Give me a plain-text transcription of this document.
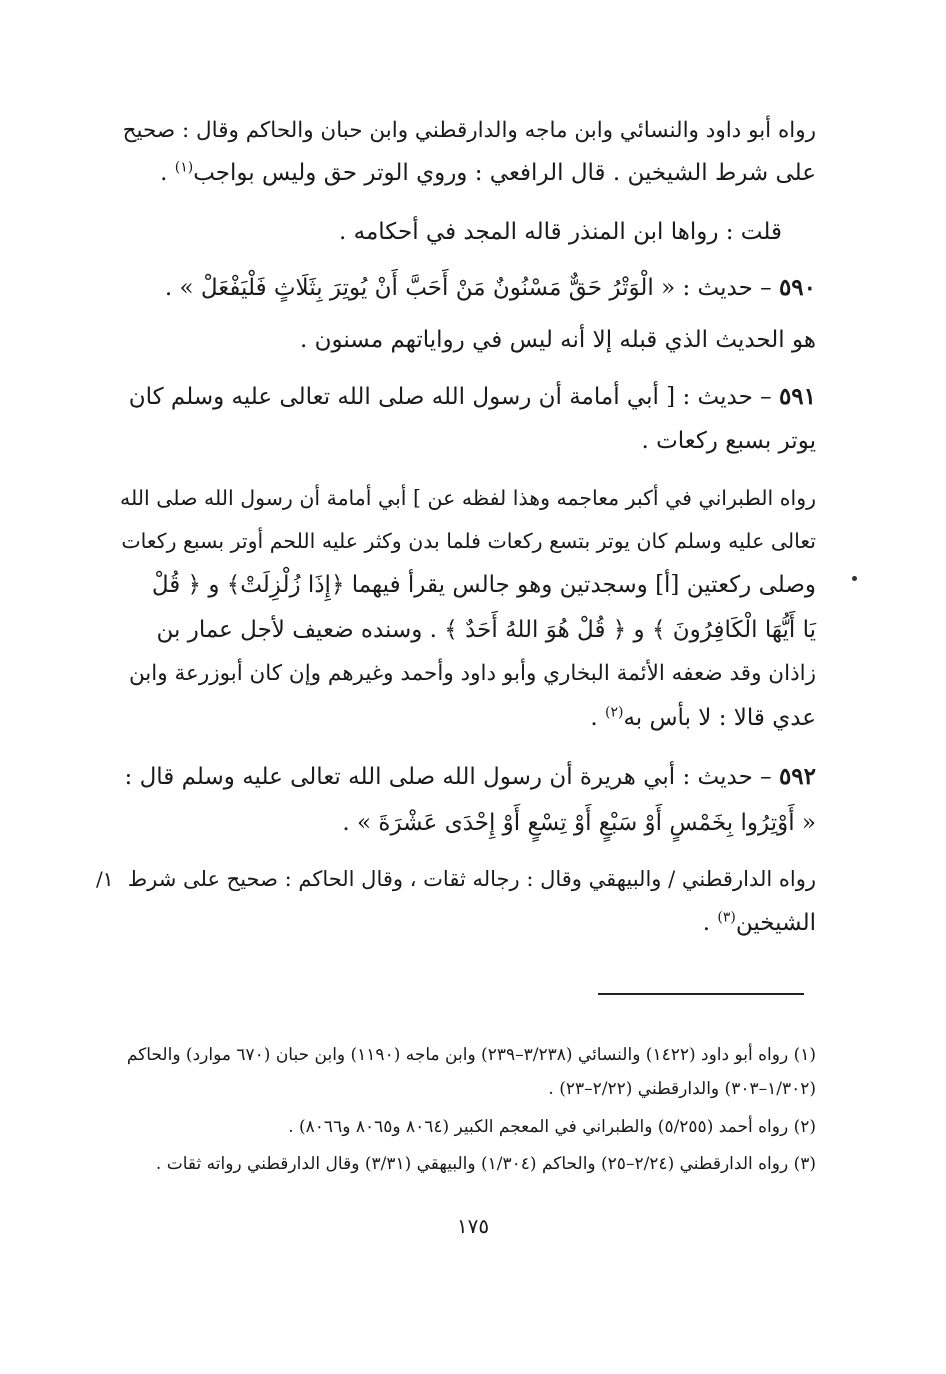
رواه أبو داود والنسائي وابن ماجه والدارقطني وابن حبان والحاكم وقال : صحيح
على شرط الشيخين . قال الرافعي : وروي الوتر حق وليس بواجب$^{(١)}$ .
قلت : رواها ابن المنذر قاله المجد في أحكامه .
٥٩٠ – حديث : « الْوَتْرُ حَقٌّ مَسْنُونٌ مَنْ أَحَبَّ أَنْ يُوتِرَ بِثَلَاثٍ فَلْيَفْعَلْ » .
هو الحديث الذي قبله إلا أنه ليس في رواياتهم مسنون .
٥٩١ – حديث : [ أبي أمامة أن رسول الله صلى الله تعالى عليه وسلم كان
يوتر بسبع ركعات .
رواه الطبراني في أكبر معاجمه وهذا لفظه عن ] أبي أمامة أن رسول الله صلى الله
تعالى عليه وسلم كان يوتر بتسع ركعات فلما بدن وكثر عليه اللحم أوتر بسبع ركعات
وصلى ركعتين [أ] وسجدتين وهو جالس يقرأ فيهما ﴿إِذَا زُلْزِلَتْ﴾ و ﴿ قُلْ
يَا أَيُّهَا الْكَافِرُونَ ﴾ و ﴿ قُلْ هُوَ اللهُ أَحَدٌ ﴾ . وسنده ضعيف لأجل عمار بن
زاذان وقد ضعفه الأئمة البخاري وأبو داود وأحمد وغيرهم وإن كان أبوزرعة وابن
عدي قالا : لا بأس به$^{(٢)}$ .
٥٩٢ – حديث : أبي هريرة أن رسول الله صلى الله تعالى عليه وسلم قال :
« أَوْتِرُوا بِخَمْسٍ أَوْ سَبْعٍ أَوْ تِسْعٍ أَوْ إِحْدَى عَشْرَةَ » .
رواه الدارقطني / والبيهقي وقال : رجاله ثقات ، وقال الحاكم : صحيح على شرط
١/
الشيخين$^{(٣)}$ .
(١) رواه أبو داود (١٤٢٢) والنسائي (٣/٢٣٨–٢٣٩) وابن ماجه (١١٩٠) وابن حبان (٦٧٠ موارد) والحاكم
(١/٣٠٢–٣٠٣) والدارقطني (٢/٢٢–٢٣) .
(٢) رواه أحمد (٥/٢٥٥) والطبراني في المعجم الكبير (٨٠٦٤ و٨٠٦٥ و٨٠٦٦) .
(٣) رواه الدارقطني (٢/٢٤–٢٥) والحاكم (١/٣٠٤) والبيهقي (٣/٣١) وقال الدارقطني رواته ثقات .
١٧٥
